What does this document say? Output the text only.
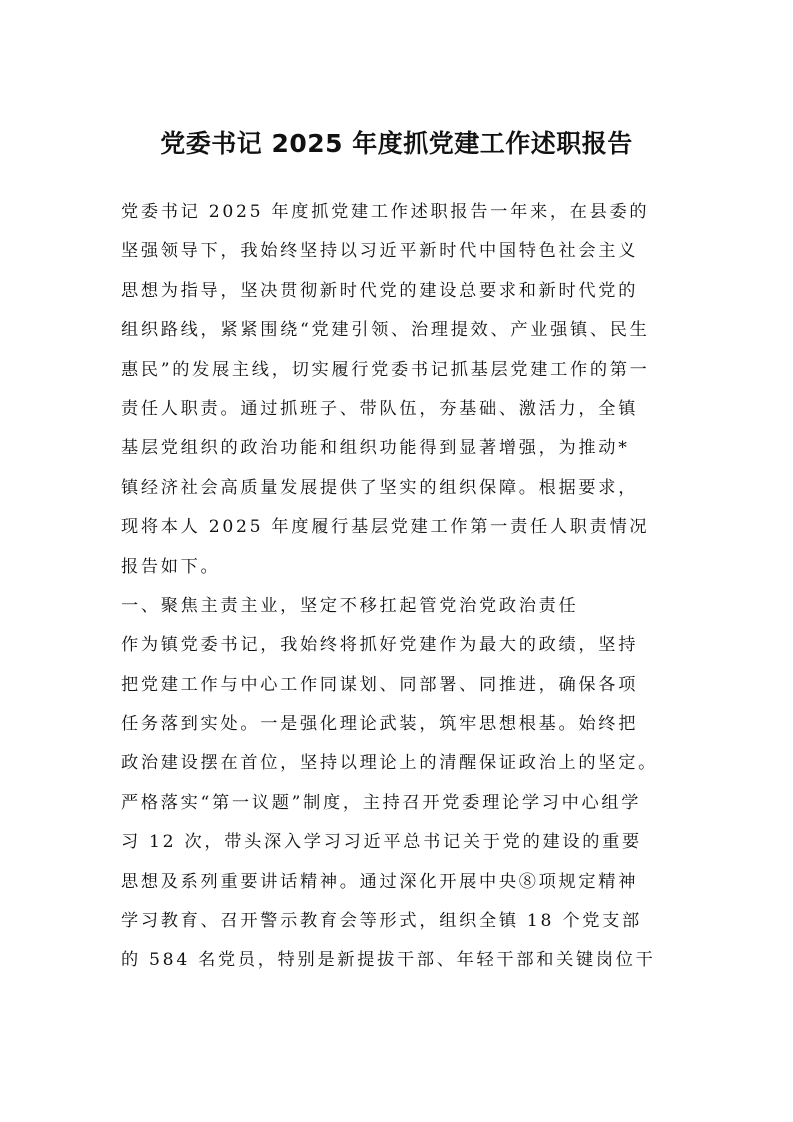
党委书记 2025 年度抓党建工作述职报告
党委书记 2025 年度抓党建工作述职报告一年来，在县委的
坚强领导下，我始终坚持以习近平新时代中国特色社会主义
思想为指导，坚决贯彻新时代党的建设总要求和新时代党的
组织路线，紧紧围绕“党建引领、治理提效、产业强镇、民生
惠民”的发展主线，切实履行党委书记抓基层党建工作的第一
责任人职责。通过抓班子、带队伍，夯基础、激活力，全镇
基层党组织的政治功能和组织功能得到显著增强，为推动*
镇经济社会高质量发展提供了坚实的组织保障。根据要求，
现将本人 2025 年度履行基层党建工作第一责任人职责情况
报告如下。
一、聚焦主责主业，坚定不移扛起管党治党政治责任
作为镇党委书记，我始终将抓好党建作为最大的政绩，坚持
把党建工作与中心工作同谋划、同部署、同推进，确保各项
任务落到实处。一是强化理论武装，筑牢思想根基。始终把
政治建设摆在首位，坚持以理论上的清醒保证政治上的坚定。
严格落实“第一议题”制度，主持召开党委理论学习中心组学
习 12 次，带头深入学习习近平总书记关于党的建设的重要
思想及系列重要讲话精神。通过深化开展中央⑧项规定精神
学习教育、召开警示教育会等形式，组织全镇 18 个党支部
的 584 名党员，特别是新提拔干部、年轻干部和关键岗位干
